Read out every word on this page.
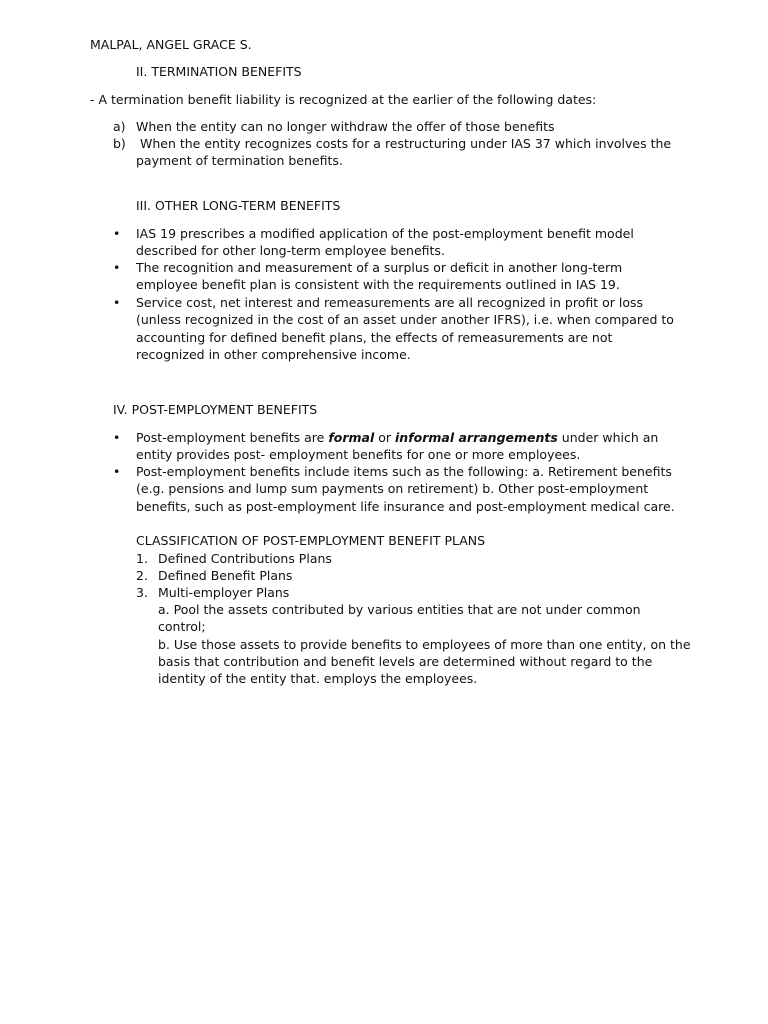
MALPAL, ANGEL GRACE S.
II. TERMINATION BENEFITS
- A termination benefit liability is recognized at the earlier of the following dates:
a) When the entity can no longer withdraw the offer of those benefits

b) When the entity recognizes costs for a restructuring under IAS 37 which involves the

payment of termination benefits.

III. OTHER LONG-TERM BENEFITS
• IAS 19 prescribes a modified application of the post-employment benefit model

described for other long-term employee benefits.

• The recognition and measurement of a surplus or deficit in another long-term

employee benefit plan is consistent with the requirements outlined in IAS 19.

• Service cost, net interest and remeasurements are all recognized in profit or loss

(unless recognized in the cost of an asset under another IFRS), i.e. when compared to

accounting for defined benefit plans, the effects of remeasurements are not

recognized in other comprehensive income.

IV. POST-EMPLOYMENT BENEFITS
• Post-employment benefits are formal or informal arrangements under which an

entity provides post- employment benefits for one or more employees.

• Post-employment benefits include items such as the following: a. Retirement benefits

(e.g. pensions and lump sum payments on retirement) b. Other post-employment

benefits, such as post-employment life insurance and post-employment medical care.

CLASSIFICATION OF POST-EMPLOYMENT BENEFIT PLANS
1. Defined Contributions Plans
2. Defined Benefit Plans
3. Multi-employer Plans

a. Pool the assets contributed by various entities that are not under common

control;

b. Use those assets to provide benefits to employees of more than one entity, on the

basis that contribution and benefit levels are determined without regard to the

identity of the entity that. employs the employees.
